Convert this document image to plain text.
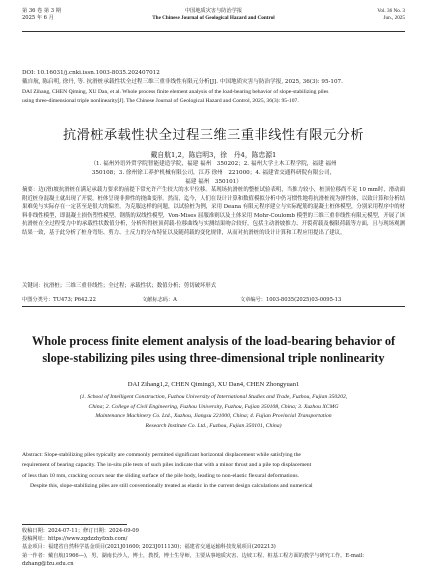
第 36 卷 第 3 期
2025 年 6 月
中国地质灾害与防治学报
The Chinese Journal of Geological Hazard and Control
Vol. 36 No. 3
Jun., 2025
DOI: 10.16031/j.cnki.issn.1003-8035.202407012
戴自航, 陈启明, 徐丹, 等. 抗滑桩承载性状全过程三维三重非线性有限元分析[J]. 中国地质灾害与防治学报, 2025, 36(3): 95-107.
DAI Zihang, CHEN Qiming, XU Dan, et al. Whole process finite element analysis of the load-bearing behavior of slope-stabilizing piles
using three-dimensional triple nonlinearity[J]. The Chinese Journal of Geological Hazard and Control, 2025, 36(3): 95-107.
抗滑桩承载性状全过程三维三重非线性有限元分析
戴自航1,2，陈启明3，徐　丹4，陈忠源1
（1. 福州外语外贸学院智能建造学院，福建 福州　350202；2. 福州大学土木工程学院，福建 福州
350108；3. 徐州徐工养护机械有限公司，江苏 徐州　221000；4. 福建省交通科研院有限公司，
福建 福州　350101）
摘要：边(滑)坡抗滑桩在满足承载力要求的前提下常允许产生较大的水平位移。某现场抗滑桩的整桩试验表明，当推力较小，桩顶位移尚不足 10 mm时，滑动面附近桩身混凝土就出现了开裂，桩体呈现非弹性的挠曲变形。然而，迄今，人们在设计计算和数值模拟分析中仍习惯性地将抗滑桩视为弹性体，以致计算和分析结果难免与实际存在一定甚至是很大的偏差。为克服这样的问题，以试验桩为例，采用 Deana 有限元程序建立与实际配筋的混凝土桩体模型，分别采用程序中的材料非线性模型，即混凝土损伤塑性模型，钢筋的双线性模型，Von-Mises 屈服准则以及土体采用 Mohr-Coulomb 模型的三维三重非线性有限元模型，开展了该抗滑桩在全过程受力中的承载性状数值分析，分析所得桩顶荷载-位移曲线与实测结果吻合较好，包括主动滑坡推力、开裂荷载及极限荷载等方面，且与现场观测结果一致，基于此分析了桩身弯矩、剪力、土反力的分布特征以及随荷载的变化规律，从而对抗滑桩的设计计算和工程应用提出了建议。
关键词：抗滑桩；三维三重非线性；全过程；承载性状；数值分析；剪切破坏形式
中图分类号：TU473; P642.22	文献标志码：A	文章编号：1003-8035(2025)03-0095-13
Whole process finite element analysis of the load-bearing behavior of
slope-stabilizing piles using three-dimensional triple nonlinearity
DAI Zihang1,2, CHEN Qiming3, XU Dan4, CHEN Zhongyuan1
(1. School of Intelligent Construction, Fuzhou University of International Studies and Trade, Fuzhou, Fujian 350202,
China; 2. College of Civil Engineering, Fuzhou University, Fuzhou, Fujian 350108, China; 3. Xuzhou XCMG
Maintenance Machinery Co. Ltd., Xuzhou, Jiangsu 221000, China; 4. Fujian Provincial Transportation
Research Institute Co. Ltd., Fuzhou, Fujian 350101, China)
Abstract: Slope-stabilizing piles typically are commonly permitted significant horizontal displacement while satisfying the
requirement of bearing capacity. The in-situ pile tests of such piles indicate that with a minor thrust and a pile top displacement
of less than 10 mm, cracking occurs near the sliding surface of the pile body, leading to non-elastic flexural deformations.
Despite this, slope-stabilizing piles are still conventionally treated as elastic in the current design calculations and numerical
收稿日期：2024-07-11；修订日期：2024-09-09
投稿网址：https://www.zgdzzhyfzxb.com/
基金项目：福建省自然科学基金项目(2021J01600; 2023J011130)；福建省交通运输科技发展项目(202213)
第一作者：戴自航(1966—)，男，湖南长沙人，博士，教授，博士生导师，主要从事地质灾害、边坡工程、桩基工程方面的教学与研究工作。E-mail: dzhang@fzu.edu.cn
